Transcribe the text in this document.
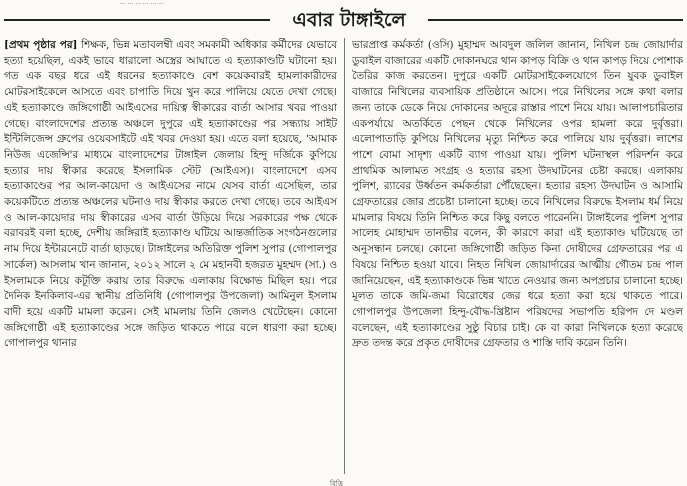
... ... ... ... ... ...
এবার টাঙ্গাইলে

[প্রথম পৃষ্ঠার পর] শিক্ষক, ভিন্ন মতাবলম্বী এবং সমকামী অধিকার কর্মীদের যেভাবে হত্যা হয়েছিল, একই ভাবে ধারালো অস্ত্রের আঘাতে এ হত্যাকাণ্ডটি ঘটানো হয়। গত এক বছর ধরে এই ধরনের হত্যাকাণ্ডে বেশ কয়েকবারই হামলাকারীদের মোটরসাইকেলে আসতে এবং চাপাতি দিয়ে খুন করে পালিয়ে যেতে দেখা গেছে। এই হত্যাকাণ্ডে জঙ্গিগোষ্ঠী আইএসের দায়িত্ব স্বীকারের বার্তা আসার খবর পাওয়া গেছে। বাংলাদেশের প্রত্যন্ত অঞ্চলে দুপুরে এই হত্যাকাণ্ডের পর সন্ধ্যায় সাইট ইন্টিলিজেন্স গ্রুপের ওয়েবসাইটে এই খবর দেওয়া হয়। এতে বলা হয়েছে, 'আমাক নিউজ এজেন্সি'র মাধ্যমে বাংলাদেশের টাঙ্গাইল জেলায় হিন্দু দর্জিকে কুপিয়ে হত্যার দায় স্বীকার করেছে ইসলামিক স্টেট (আইএস)। বাংলাদেশে এসব হত্যাকাণ্ডের পর আল-কায়েদা ও আইএসের নামে যেসব বার্তা এসেছিল, তার কয়েকটিতে প্রত্যন্ত অঞ্চলের ঘটনাও দায় স্বীকার করতে দেখা গেছে। তবে আইএস ও আল-কায়েদার দায় স্বীকারের এসব বার্তা উড়িয়ে দিয়ে সরকারের পক্ষ থেকে বরাবরই বলা হচ্ছে, দেশীয় জঙ্গিরাই হত্যাকাণ্ড ঘটিয়ে আন্তর্জাতিক সংগঠনগুলোর নাম দিয়ে ইন্টারনেটে বার্তা ছাড়ছে। টাঙ্গাইলের অতিরিক্ত পুলিশ সুপার (গোপালপুর সার্কেল) আসলাম খান জানান, ২০১২ সালে ২ মে মহানবী হজরত মুহম্মদ (সা.) ও ইসলামকে নিয়ে কটূক্তি করায় তার বিরুদ্ধে এলাকায় বিক্ষোভ মিছিল হয়। পরে দৈনিক ইনকিলাব-এর স্থানীয় প্রতিনিধি (গোপালপুর উপজেলা) আমিনুল ইসলাম বাদী হয়ে একটি মামলা করেন। সেই মামলায় তিনি জেলও খেটেছেন। কোনো জঙ্গিগোষ্ঠী এই হত্যাকাণ্ডের সঙ্গে জড়িত থাকতে পারে বলে ধারণা করা হচ্ছে। গোপালপুর থানার

ভারপ্রাপ্ত কর্মকর্তা (ওসি) মুহাম্মদ আবদুল জলিল জানান, নিখিল চন্দ্র জোয়ার্দার ডুবাইল বাজারের একটি দোকানঘরে থান কাপড় বিক্রি ও থান কাপড় দিয়ে পোশাক তৈরির কাজ করতেন। দুপুরে একটি মোটরসাইকেলযোগে তিন যুবক ডুবাইল বাজারে নিখিলের ব্যবসায়িক প্রতিষ্ঠানে আসে। পরে নিখিলের সঙ্গে কথা বলার জন্য তাকে ডেকে নিয়ে দোকানের অদূরে রাস্তার পাশে নিয়ে যায়। আলাপচারিতার একপর্যায়ে অতর্কিতে পেছন থেকে নিখিলের ওপর হামলা করে দুর্বৃত্তরা। এলোপাতাড়ি কুপিয়ে নিখিলের মৃত্যু নিশ্চিত করে পালিয়ে যায় দুর্বৃত্তরা। লাশের পাশে বোমা সাদৃশ্য একটি ব্যাগ পাওয়া যায়। পুলিশ ঘটনাস্থল পরিদর্শন করে প্রাথমিক আলামত সংগ্রহ ও হত্যার রহস্য উদঘাটনের চেষ্টা করছে। এলাকায় পুলিশ, র‍্যাবের উর্ধ্বতন কর্মকর্তারা পৌঁছেছেন। হত্যার রহস্য উদঘাটন ও আসামি গ্রেফতারের জোর প্রচেষ্টা চালানো হচ্ছে। তবে নিখিলের বিরুদ্ধে ইসলাম ধর্ম নিয়ে মামলার বিষয়ে তিনি নিশ্চিত করে কিছু বলতে পারেননি। টাঙ্গাইলের পুলিশ সুপার সালেহ মোহাম্মদ তানভীর বলেন, কী কারণে কারা এই হত্যাকাণ্ড ঘটিয়েছে তা অনুসন্ধান চলছে। কোনো জঙ্গিগোষ্ঠী জড়িত কিনা দোষীদের গ্রেফতারের পর এ বিষয়ে নিশ্চিত হওয়া যাবে। নিহত নিখিল জোয়ার্দারের আত্মীয় গৌতম চন্দ্র পাল জানিয়েছেন, এই হত্যাকাণ্ডকে ভিন্ন খাতে নেওয়ার জন্য অপপ্রচার চালানো হচ্ছে। মূলত তাকে জমি-জমা বিরোধের জের ধরে হত্যা করা হয়ে থাকতে পারে। গোপালপুর উপজেলা হিন্দু-বৌদ্ধ-খ্রিষ্টান পরিষদের সভাপতি হরিপদ দে মণ্ডল বলেছেন, এই হত্যাকাণ্ডের সুষ্ঠু বিচার চাই। কে বা কারা নিখিলকে হত্যা করেছে দ্রুত তদন্ত করে প্রকৃত দোষীদের গ্রেফতার ও শাস্তি দাবি করেন তিনি।

বিত্তি
